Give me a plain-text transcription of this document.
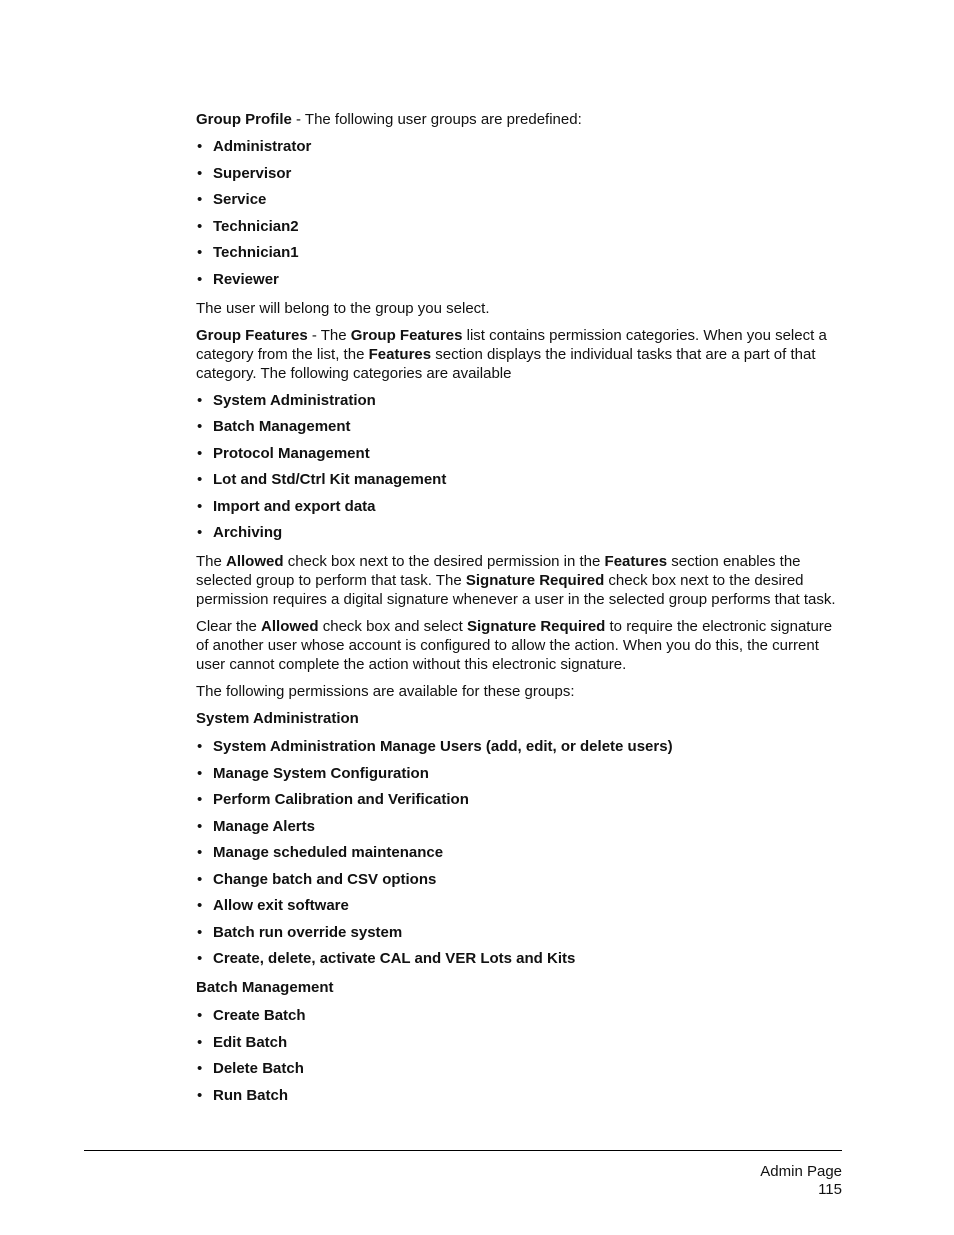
Group Profile - The following user groups are predefined:

• Administrator
• Supervisor
• Service
• Technician2
• Technician1
• Reviewer

The user will belong to the group you select.

Group Features - The Group Features list contains permission categories. When you select a category from the list, the Features section displays the individual tasks that are a part of that category. The following categories are available

• System Administration
• Batch Management
• Protocol Management
• Lot and Std/Ctrl Kit management
• Import and export data
• Archiving

The Allowed check box next to the desired permission in the Features section enables the selected group to perform that task. The Signature Required check box next to the desired permission requires a digital signature whenever a user in the selected group performs that task.

Clear the Allowed check box and select Signature Required to require the electronic signature of another user whose account is configured to allow the action. When you do this, the current user cannot complete the action without this electronic signature.

The following permissions are available for these groups:

System Administration
• System Administration Manage Users (add, edit, or delete users)
• Manage System Configuration
• Perform Calibration and Verification
• Manage Alerts
• Manage scheduled maintenance
• Change batch and CSV options
• Allow exit software
• Batch run override system
• Create, delete, activate CAL and VER Lots and Kits
Batch Management
• Create Batch
• Edit Batch
• Delete Batch
• Run Batch
Admin Page
115
